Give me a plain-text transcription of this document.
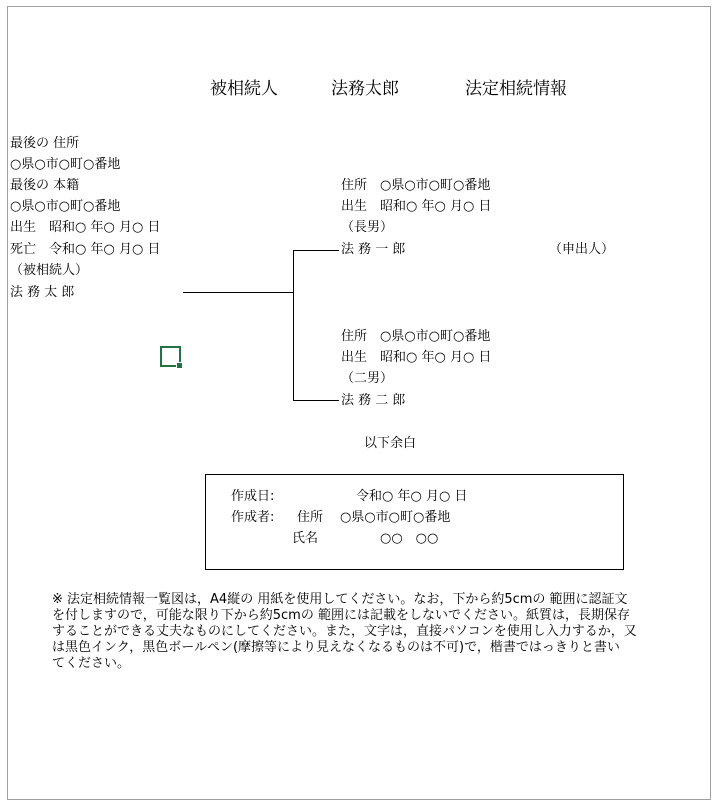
被相続人	法務太郎	法定相続情報
最後の 住所
○県○市○町○番地
最後の 本籍
○県○市○町○番地
出生　昭和○ 年○ 月○ 日
死亡　令和○ 年○ 月○ 日
（被相続人）
法 務 太 郎
住所　○県○市○町○番地
出生　昭和○ 年○ 月○ 日
（長男）
法 務 一 郎	（申出人）
住所　○県○市○町○番地
出生　昭和○ 年○ 月○ 日
（二男）
法 務 二 郎
以下余白
作成日:	令和○ 年○ 月○ 日
作成者: 住所 ○県○市○町○番地
氏名	○○　○○
※ 法定相続情報一覧図は，A4縦の 用紙を使用してください。なお，下から約5cmの 範囲に認証文
を付しますので，可能な限り下から約5cmの 範囲には記載をしないでください。紙質は，長期保存
することができる丈夫なものにしてください。また，文字は，直接パソコンを使用し入力するか，又
は黒色インク，黒色ボールペン(摩擦等により見えなくなるものは不可)で，楷書ではっきりと書い
てください。
